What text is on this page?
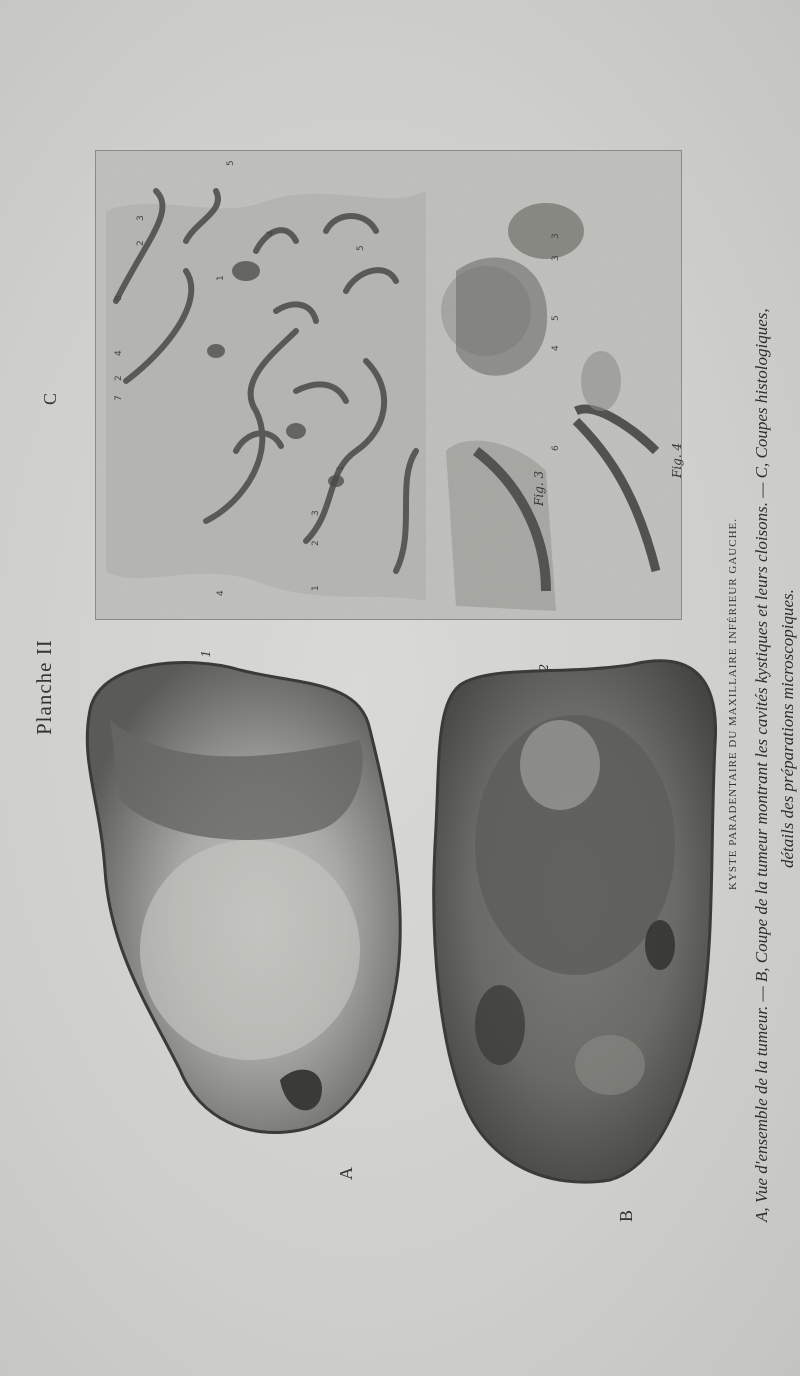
Planche II
A
B
C
Fig. 3
Fig. 4
3
3
5
4
6
8
4
2
7
1
3
2
1
4
5
4
1
3
2
5
KYSTE PARADENTAIRE DU MAXILLAIRE INFÉRIEUR GAUCHE. A, Vue d'ensemble de la tumeur. — B, Coupe de la tumeur montrant les cavités kystiques et leurs cloisons. — C, Coupes histologiques, détails des préparations microscopiques.
